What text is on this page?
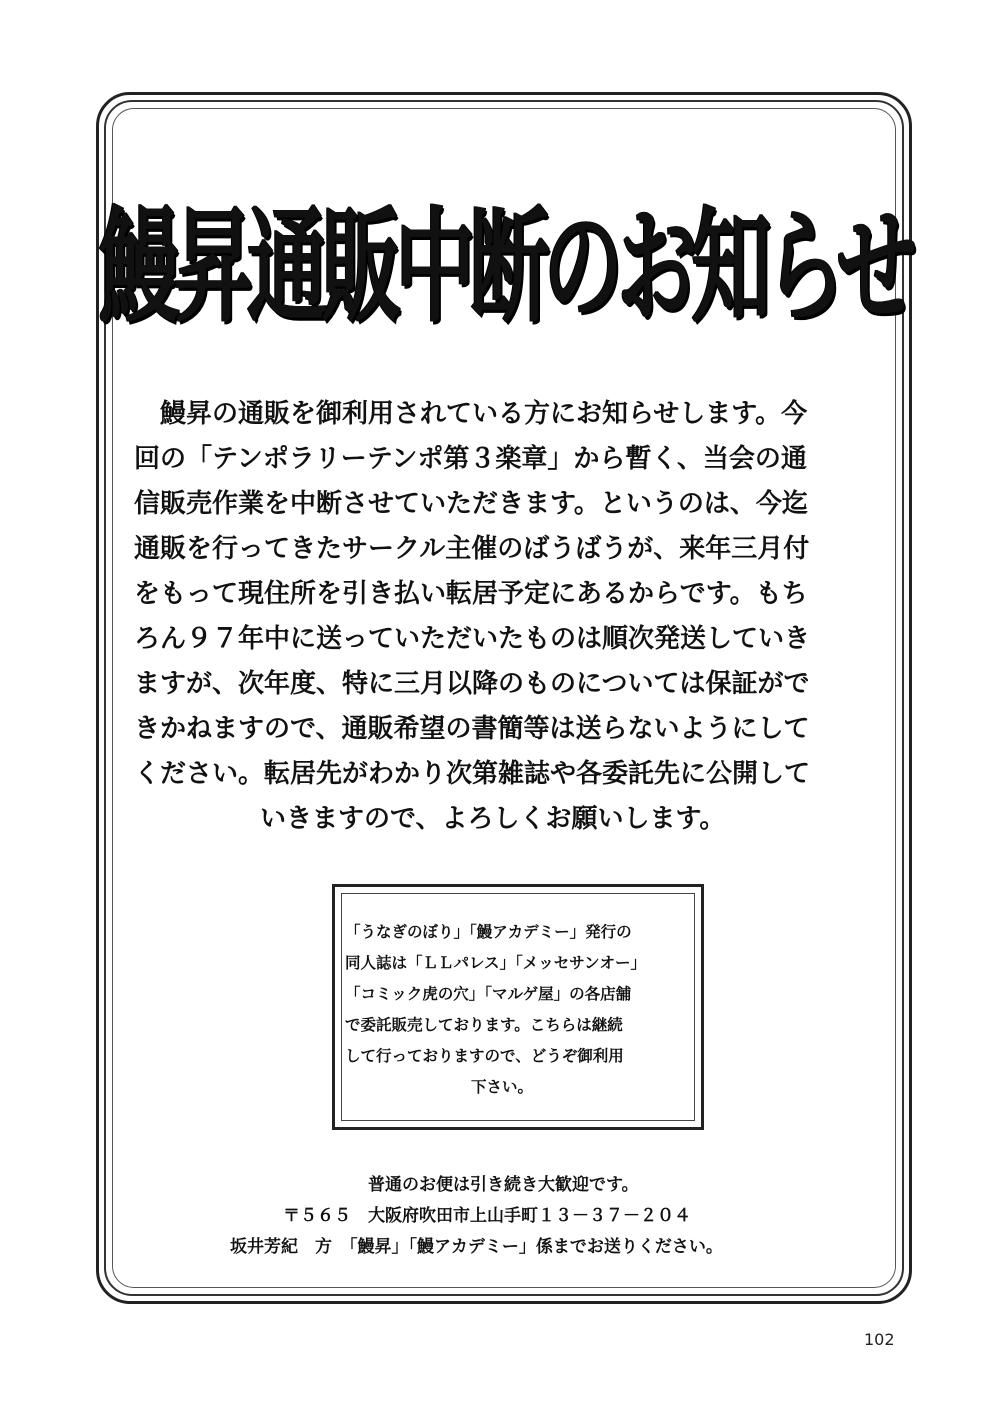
鰻昇通販中断のお知らせ
鰻昇の通販を御利用されている方にお知らせします。今
回の「テンポラリーテンポ第３楽章」から暫く、当会の通
信販売作業を中断させていただきます。というのは、今迄
通販を行ってきたサークル主催のばうばうが、来年三月付
をもって現住所を引き払い転居予定にあるからです。もち
ろん９７年中に送っていただいたものは順次発送していき
ますが、次年度、特に三月以降のものについては保証がで
きかねますので、通販希望の書簡等は送らないようにして
ください。転居先がわかり次第雑誌や各委託先に公開して
いきますので、よろしくお願いします。
「うなぎのぼり」「鰻アカデミー」発行の
同人誌は「ＬＬパレス」「メッセサンオー」
「コミック虎の穴」「マルゲ屋」の各店舗
で委託販売しております。こちらは継続
して行っておりますので、どうぞ御利用
下さい。
普通のお便は引き続き大歓迎です。
〒５６５　大阪府吹田市上山手町１３－３７－２０４
坂井芳紀　方　「鰻昇」「鰻アカデミー」係までお送りください。
102
